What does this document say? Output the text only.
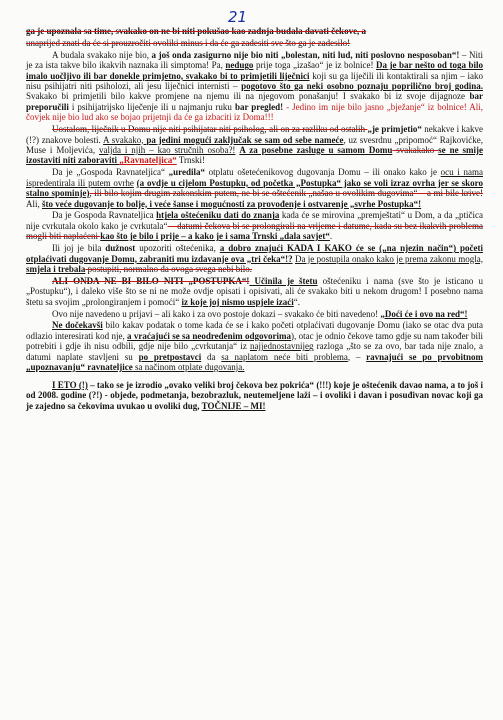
21

ga je upoznala sa time, svakako on ne bi niti pokušao kao zadnja budala davati čekove, a

unaprijed znati da će si prouzročiti ovoliki minus i da će ga zadesiti sve što ga je zadesilo!

A budala svakako nije bio, a još onda zasigurno nije bio niti „bolestan, niti lud, niti poslovno nesposoban“! – Niti je za ista takve bilo ikakvih naznaka ili simptoma! Pa, nedugo prije toga „izašao“ je iz bolnice! Da je bar nešto od toga bilo imalo uočljivo ili bar donekle primjetno, svakako bi to primjetili liječnici koji su ga liječili ili kontaktirali sa njim – iako nisu psihijatri niti psiholozi, ali jesu liječnici internisti – pogotovo što ga neki osobno poznaju poprilično broj godina. Svakako bi primjetili bilo kakve promjene na njemu ili na njegovom ponašanju! I svakako bi iz svoje dijagnoze bar preporučili i psihijatrijsko liječenje ili u najmanju ruku bar pregled! - Jedino im nije bilo jasno „bježanje“ iz bolnice! Ali, čovjek nije bio lud ako se bojao prijetnji da će ga izbaciti iz Doma!!!

Uostalom, liječnik u Domu nije niti psihijatar niti psiholog, ali on za razliku od ostalih „je primjetio“ nekakve i kakve (!?) znakove bolesti. A svakako, pa jedini mogući zaključak se sam od sebe nameće, uz svesrdnu „pripomoć“ Rajkovićke, Muse i Moljevića, valjda i njih – kao stručnih osoba?! A za posebne zasluge u samom Domu svakakako se ne smije izostaviti niti zaboraviti „Ravnateljica“ Trnski!

Da je „Gospoda Ravnateljica“ „uredila“ otplatu ošetećenikovog dugovanja Domu – ili onako kako je ocu i nama ispredentirala ili putem ovrhe (a ovdje u cijelom Postupku, od početka „Postupka“ jako se voli izraz ovrha jer se skoro stalno spominje), ili bilo kojim drugim zakonskim putem, ne bi se oštećenik „našao u ovolikim dugovima“ – a mi bile krive! Ali, što veće dugovanje to bolje, i veće šanse i mogućnosti za provođenje i ostvarenje „svrhe Postupka“!

Da je Gospoda Ravnateljica htjela oštećeniku dati do znanja kada će se mirovina „premještati“ u Dom, a da „ptičica nije cvrkutala okolo kako je cvrkutala“ – datumi čekova bi se prolongirali na vrijeme i datume, kada su bez ikakvih problema mogli biti naplaćeni kao što je bilo i prije – a kako je i sama Trnski „dala savjet“.

Ili joj je bila dužnost upozoriti oštećenika, a dobro znajući KADA I KAKO će se („na njezin način“) početi otplaćivati dugovanje Domu, zabraniti mu izdavanje ova „tri čeka“!? Da je postupila onako kako je prema zakonu mogla, smjela i trebala postupiti, normalno da ovoga svega nebi bilo.

ALI ONDA NE BI BILO NITI „POSTUPKA“! Učinila je štetu oštećeniku i nama (sve što je isticano u „Postupku“), i daleko više što se ni ne može ovdje opisati i opisivati, ali će svakako biti u nekom drugom! I posebno nama štetu sa svojim „prolongiranjem i pomoći“ iz koje joj nismo uspjele izaći“.

Ovo nije navedeno u prijavi – ali kako i za ovo postoje dokazi – svakako će biti navedeno! „Doći će i ovo na red“!

Ne dočekavši bilo kakav podatak o tome kada će se i kako početi otplaćivati dugovanje Domu (iako se otac dva puta odlazio interesirati kod nje, a vraćajući se sa neodređenim odgovorima), otac je odnio čekove tamo gdje su nam također bili potrebiti i gdje ih nisu odbili, gdje nije bilo „cvrkutanja“ iz najjednostavnijeg razloga „što se za ovo, bar tada nije znalo, a datumi naplate stavljeni su po pretpostavci da sa naplatom neće biti problema, – ravnajući se po prvobitnom „upoznavanju“ ravnateljice sa načinom otplate dugovanja.

I ETO (!) – tako se je izrodio „ovako veliki broj čekova bez pokrića“ (!!!) koje je oštećenik davao nama, a to još i od 2008. godine (?!) - objede, podmetanja, bezobrazluk, neutemeljene laži – i ovoliki i davan i posuđivan novac koji ga je zajedno sa čekovima uvukao u ovoliki dug, TOČNIJE – MI!
